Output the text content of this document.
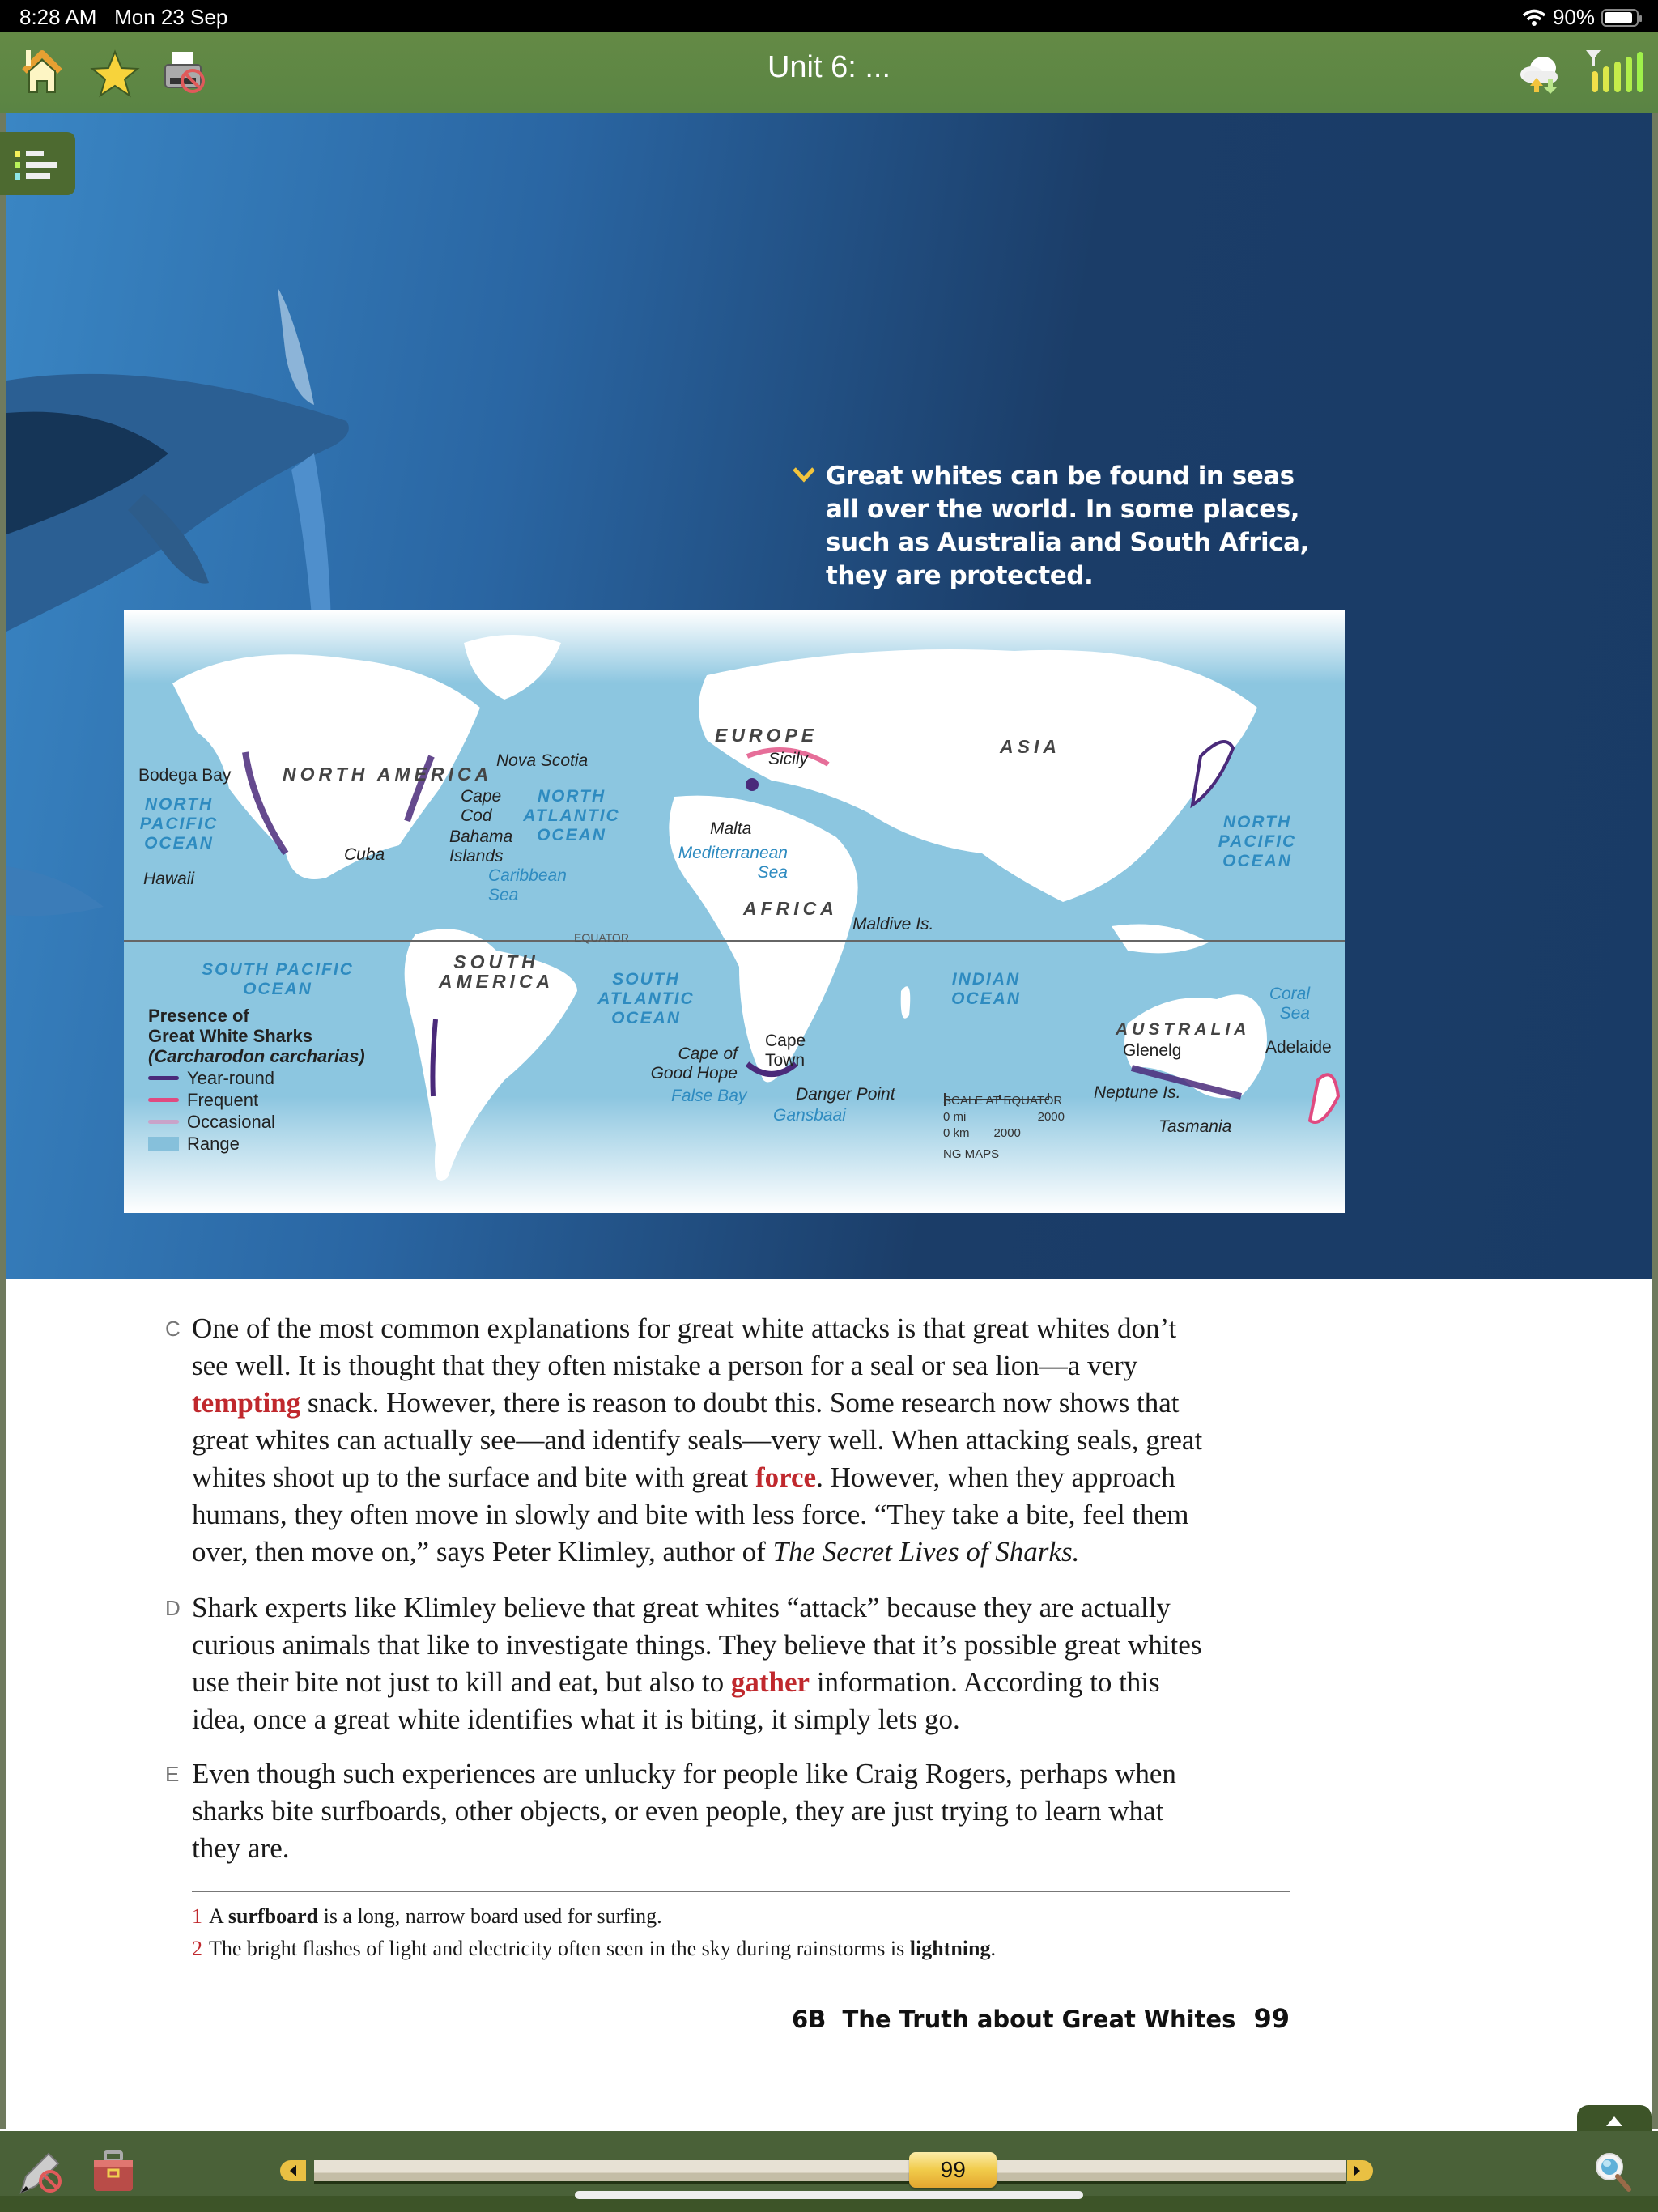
8:28 AM Mon 23 Sep	90%
Unit 6: ...
Great whites can be found in seas all over the world. In some places, such as Australia and South Africa, they are protected.
NORTH AMERICA
SOUTH AMERICA
EUROPE
AFRICA
ASIA
AUSTRALIA
NORTH PACIFIC OCEAN
NORTH ATLANTIC OCEAN
SOUTH PACIFIC OCEAN
SOUTH ATLANTIC OCEAN
INDIAN OCEAN
NORTH PACIFIC OCEAN
Caribbean Sea
Mediterranean Sea
Coral Sea
False Bay
Gansbaai
Bodega Bay
Hawaii
Nova Scotia
Cape Cod
Bahama Islands
Cuba
Sicily
Malta
Maldive Is.
Cape Town
Cape of Good Hope
Danger Point
Glenelg	Adelaide
Neptune Is.
Tasmania
EQUATOR
Presence of
Great White Sharks
(Carcharodon carcharias)
Year-round
Frequent
Occasional
Range
SCALE AT EQUATOR
0 mi	2000
0 km 2000
NG MAPS
C One of the most common explanations for great white attacks is that great whites don’t
see well. It is thought that they often mistake a person for a seal or sea lion—a very
tempting snack. However, there is reason to doubt this. Some research now shows that
great whites can actually see—and identify seals—very well. When attacking seals, great
whites shoot up to the surface and bite with great force. However, when they approach
humans, they often move in slowly and bite with less force. “They take a bite, feel them
over, then move on,” says Peter Klimley, author of The Secret Lives of Sharks.
D Shark experts like Klimley believe that great whites “attack” because they are actually
curious animals that like to investigate things. They believe that it’s possible great whites
use their bite not just to kill and eat, but also to gather information. According to this
idea, once a great white identifies what it is biting, it simply lets go.
E Even though such experiences are unlucky for people like Craig Rogers, perhaps when
sharks bite surfboards, other objects, or even people, they are just trying to learn what
they are.
1 A surfboard is a long, narrow board used for surfing.
2 The bright flashes of light and electricity often seen in the sky during rainstorms is lightning.
6B  The Truth about Great Whites 99
99
